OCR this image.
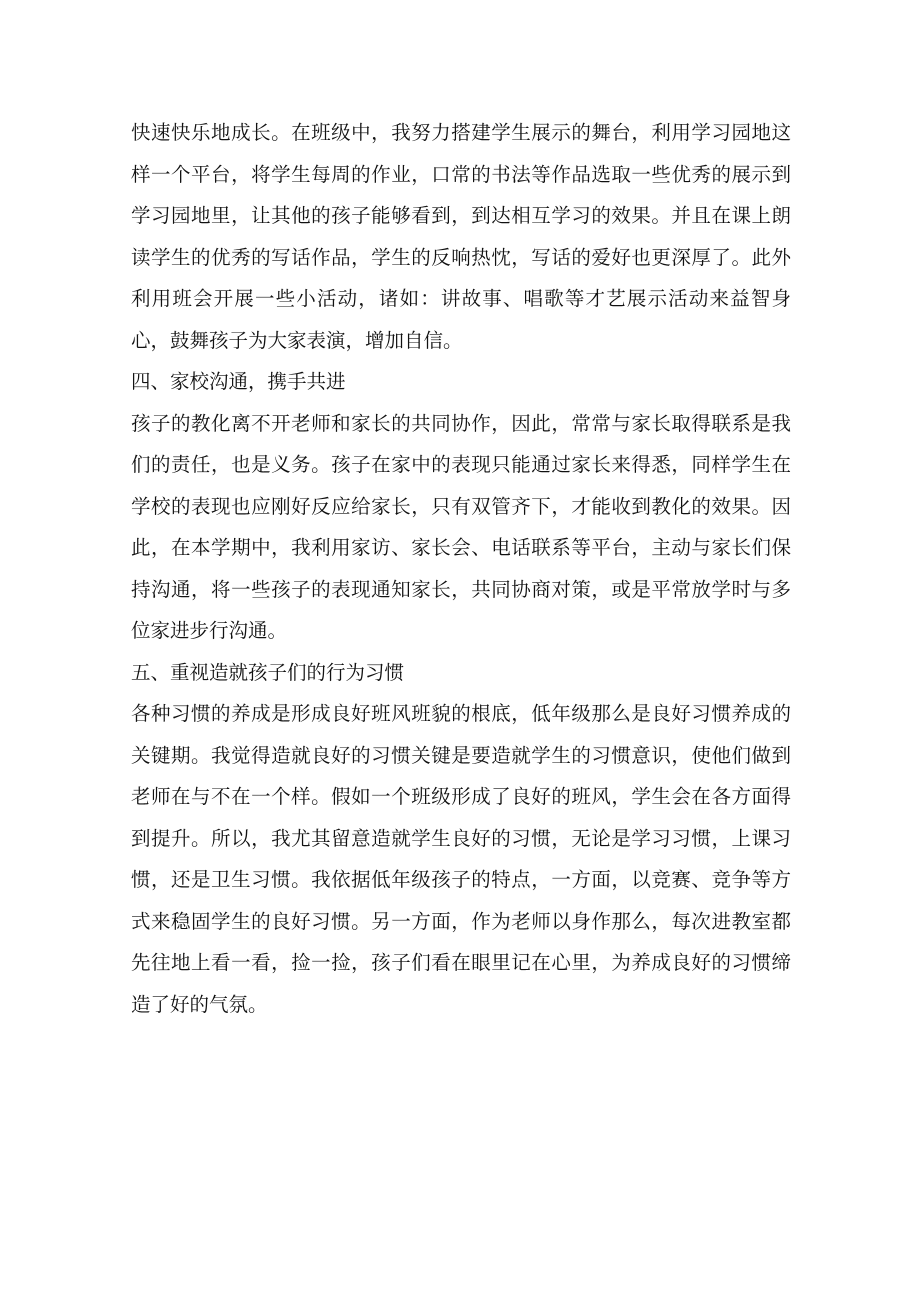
快速快乐地成长。在班级中，我努力搭建学生展示的舞台，利用学习园地这样一个平台，将学生每周的作业，口常的书法等作品选取一些优秀的展示到学习园地里，让其他的孩子能够看到，到达相互学习的效果。并且在课上朗读学生的优秀的写话作品，学生的反响热忱，写话的爱好也更深厚了。此外利用班会开展一些小活动，诸如：讲故事、唱歌等才艺展示活动来益智身心，鼓舞孩子为大家表演，增加自信。

四、家校沟通，携手共进

孩子的教化离不开老师和家长的共同协作，因此，常常与家长取得联系是我们的责任，也是义务。孩子在家中的表现只能通过家长来得悉，同样学生在学校的表现也应刚好反应给家长，只有双管齐下，才能收到教化的效果。因此，在本学期中，我利用家访、家长会、电话联系等平台，主动与家长们保持沟通，将一些孩子的表现通知家长，共同协商对策，或是平常放学时与多位家进步行沟通。

五、重视造就孩子们的行为习惯

各种习惯的养成是形成良好班风班貌的根底，低年级那么是良好习惯养成的关键期。我觉得造就良好的习惯关键是要造就学生的习惯意识，使他们做到老师在与不在一个样。假如一个班级形成了良好的班风，学生会在各方面得到提升。所以，我尤其留意造就学生良好的习惯，无论是学习习惯，上课习惯，还是卫生习惯。我依据低年级孩子的特点，一方面，以竞赛、竞争等方式来稳固学生的良好习惯。另一方面，作为老师以身作那么，每次进教室都先往地上看一看，捡一捡，孩子们看在眼里记在心里，为养成良好的习惯缔造了好的气氛。
